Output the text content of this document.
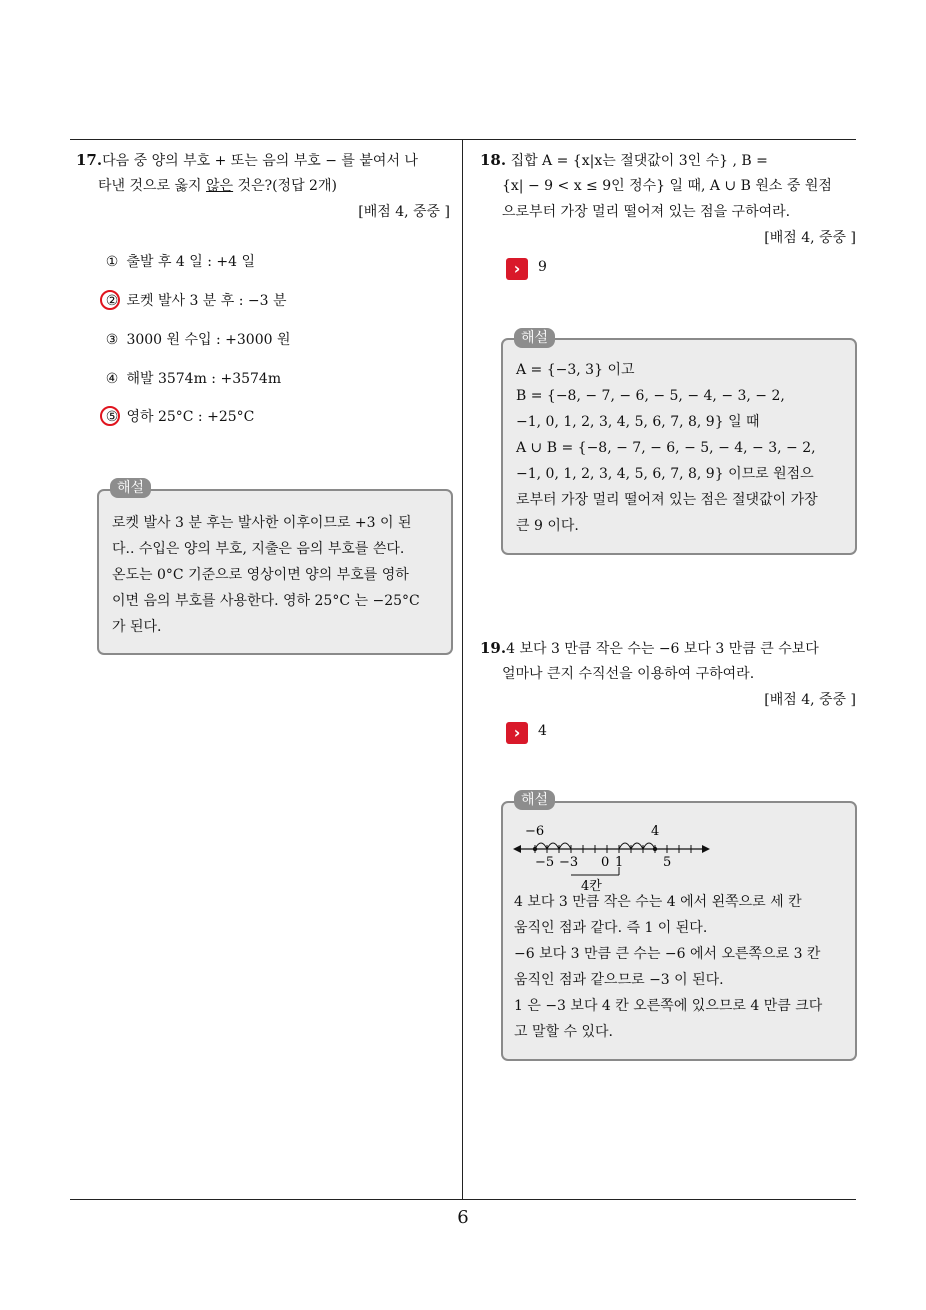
17.다음 중 양의 부호 + 또는 음의 부호 − 를 붙여서 나
타낸 것으로 옳지 않은 것은?(정답 2개)
[배점 4, 중중 ]
① 출발 후 4 일 : +4 일
② 로켓 발사 3 분 후 : −3 분
③ 3000 원 수입 : +3000 원
④ 해발 3574m : +3574m
⑤ 영하 25°C : +25°C
로켓 발사 3 분 후는 발사한 이후이므로 +3 이 된
다.. 수입은 양의 부호, 지출은 음의 부호를 쓴다.
온도는 0°C 기준으로 영상이면 양의 부호를 영하
이면 음의 부호를 사용한다. 영하 25°C 는 −25°C
가 된다.
해설
18. 집합 A = {x|x는 절댓값이 3인 수} , B =
{x| − 9 < x ≤ 9인 정수} 일 때, A ∪ B 원소 중 원점
으로부터 가장 멀리 떨어져 있는 점을 구하여라.
[배점 4, 중중 ]
›	9
A = {−3, 3} 이고
B = {−8, − 7, − 6, − 5, − 4, − 3, − 2,
−1, 0, 1, 2, 3, 4, 5, 6, 7, 8, 9} 일 때
A ∪ B = {−8, − 7, − 6, − 5, − 4, − 3, − 2,
−1, 0, 1, 2, 3, 4, 5, 6, 7, 8, 9} 이므로 원점으
로부터 가장 멀리 떨어져 있는 점은 절댓값이 가장
큰 9 이다.
해설
19.4 보다 3 만큼 작은 수는 −6 보다 3 만큼 큰 수보다
얼마나 큰지 수직선을 이용하여 구하여라.
[배점 4, 중중 ]
›	4
−6	4
−5 −3 0 1	5
4칸
4 보다 3 만큼 작은 수는 4 에서 왼쪽으로 세 칸
움직인 점과 같다. 즉 1 이 된다.
−6 보다 3 만큼 큰 수는 −6 에서 오른쪽으로 3 칸
움직인 점과 같으므로 −3 이 된다.
1 은 −3 보다 4 칸 오른쪽에 있으므로 4 만큼 크다
고 말할 수 있다.
해설
6
